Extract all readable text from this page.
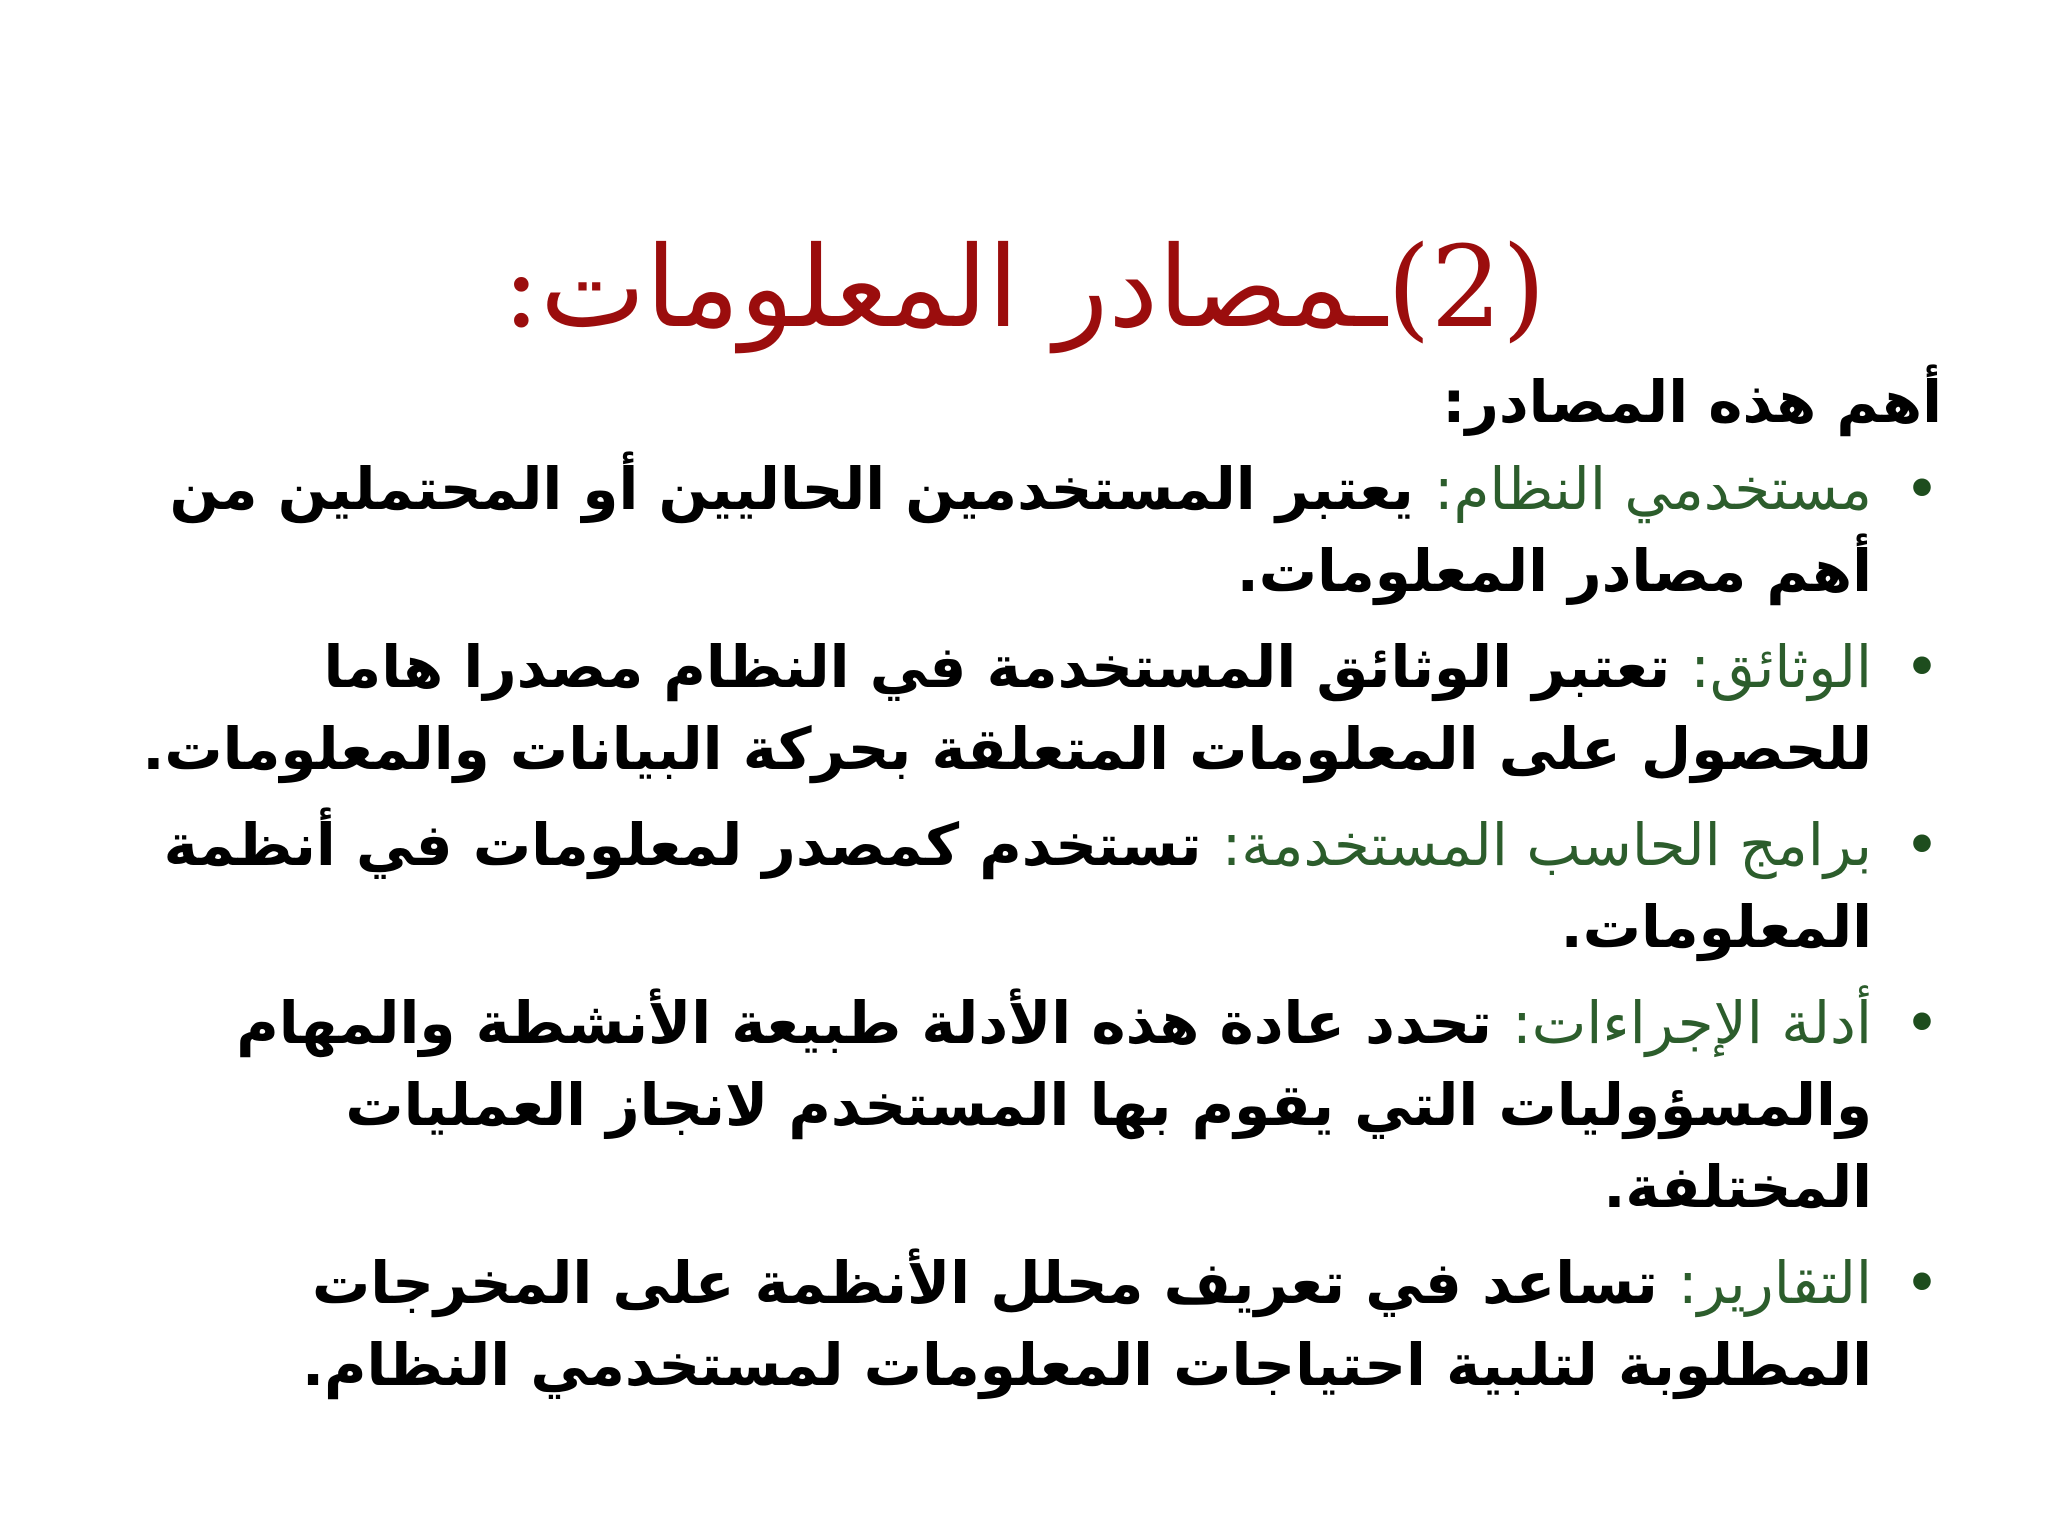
(2)ـمصادر المعلومات:
أهم هذه المصادر:
•
مستخدمي النظام: يعتبر المستخدمين الحاليين أو المحتملين من أهم مصادر المعلومات.
•
الوثائق: تعتبر الوثائق المستخدمة في النظام مصدرا هاما للحصول على المعلومات المتعلقة بحركة البيانات والمعلومات.
•
برامج الحاسب المستخدمة: تستخدم كمصدر لمعلومات في أنظمة المعلومات.
•
أدلة الإجراءات: تحدد عادة هذه الأدلة طبيعة الأنشطة والمهام والمسؤوليات التي يقوم بها المستخدم لانجاز العمليات المختلفة.
•
التقارير: تساعد في تعريف محلل الأنظمة على المخرجات المطلوبة لتلبية احتياجات المعلومات لمستخدمي النظام.
